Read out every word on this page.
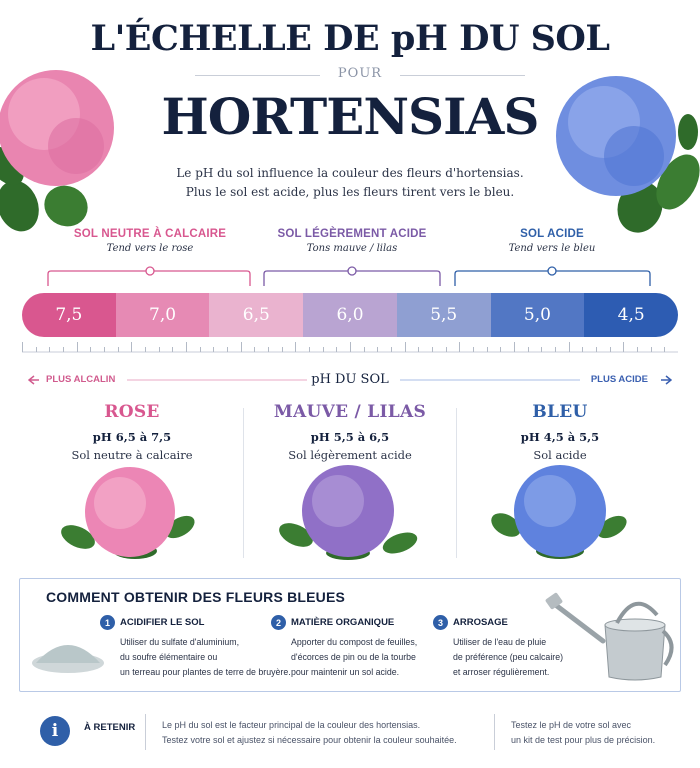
L'ÉCHELLE DE pH DU SOL
POUR
HORTENSIAS
Le pH du sol influence la couleur des fleurs d'hortensias.
Plus le sol est acide, plus les fleurs tirent vers le bleu.
SOL NEUTRE À CALCAIRE
Tend vers le rose
SOL LÉGÈREMENT ACIDE
Tons mauve / lilas
SOL ACIDE
Tend vers le bleu
7,5	7,0	6,5	6,0	5,5	5,0	4,5
PLUS ALCALIN	pH DU SOL	PLUS ACIDE
ROSE
pH 6,5 à 7,5
Sol neutre à calcaire
MAUVE / LILAS
pH 5,5 à 6,5
Sol légèrement acide
BLEU
pH 4,5 à 5,5
Sol acide
COMMENT OBTENIR DES FLEURS BLEUES
1	ACIDIFIER LE SOL
Utiliser du sulfate d'aluminium,
du soufre élémentaire ou
un terreau pour plantes de terre de bruyère.
2	MATIÈRE ORGANIQUE
Apporter du compost de feuilles,
d'écorces de pin ou de la tourbe
pour maintenir un sol acide.
3	ARROSAGE
Utiliser de l'eau de pluie
de préférence (peu calcaire)
et arroser régulièrement.
i	À RETENIR	Le pH du sol est le facteur principal de la couleur des hortensias.
Testez votre sol et ajustez si nécessaire pour obtenir la couleur souhaitée.
Testez le pH de votre sol avec
un kit de test pour plus de précision.
